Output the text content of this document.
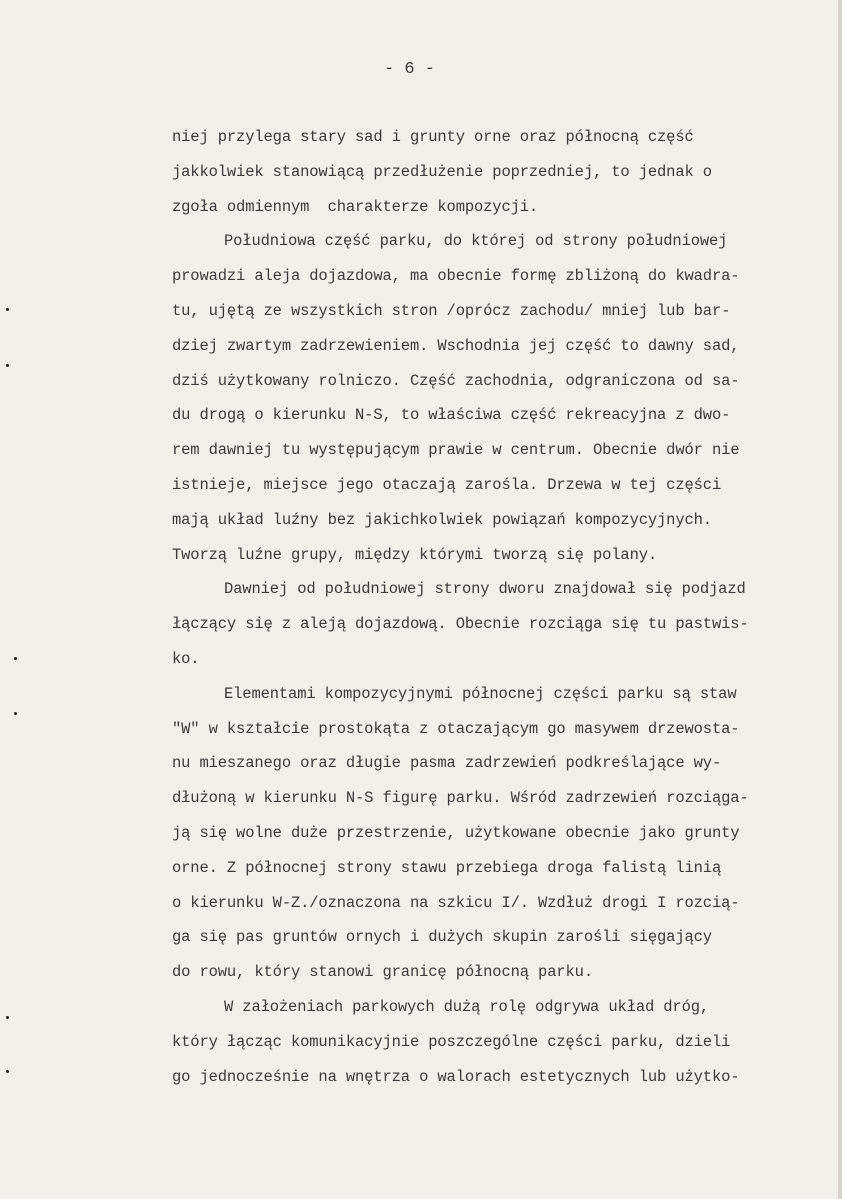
- 6 -
niej przylega stary sad i grunty orne oraz północną część
jakkolwiek stanowiącą przedłużenie poprzedniej, to jednak o
zgoła odmiennym  charakterze kompozycji.
Południowa część parku, do której od strony południowej
prowadzi aleja dojazdowa, ma obecnie formę zbliżoną do kwadra-
tu, ujętą ze wszystkich stron /oprócz zachodu/ mniej lub bar-
dziej zwartym zadrzewieniem. Wschodnia jej część to dawny sad,
dziś użytkowany rolniczo. Część zachodnia, odgraniczona od sa-
du drogą o kierunku N-S, to właściwa część rekreacyjna z dwo-
rem dawniej tu występującym prawie w centrum. Obecnie dwór nie
istnieje, miejsce jego otaczają zarośla. Drzewa w tej części
mają układ luźny bez jakichkolwiek powiązań kompozycyjnych.
Tworzą luźne grupy, między którymi tworzą się polany.
Dawniej od południowej strony dworu znajdował się podjazd
łączący się z aleją dojazdową. Obecnie rozciąga się tu pastwis-
ko.
Elementami kompozycyjnymi północnej części parku są staw
"W" w kształcie prostokąta z otaczającym go masywem drzewosta-
nu mieszanego oraz długie pasma zadrzewień podkreślające wy-
dłużoną w kierunku N-S figurę parku. Wśród zadrzewień rozciąga-
ją się wolne duże przestrzenie, użytkowane obecnie jako grunty
orne. Z północnej strony stawu przebiega droga falistą linią
o kierunku W-Z./oznaczona na szkicu I/. Wzdłuż drogi I rozcią-
ga się pas gruntów ornych i dużych skupin zarośli sięgający
do rowu, który stanowi granicę północną parku.
W założeniach parkowych dużą rolę odgrywa układ dróg,
który łącząc komunikacyjnie poszczególne części parku, dzieli
go jednocześnie na wnętrza o walorach estetycznych lub użytko-
